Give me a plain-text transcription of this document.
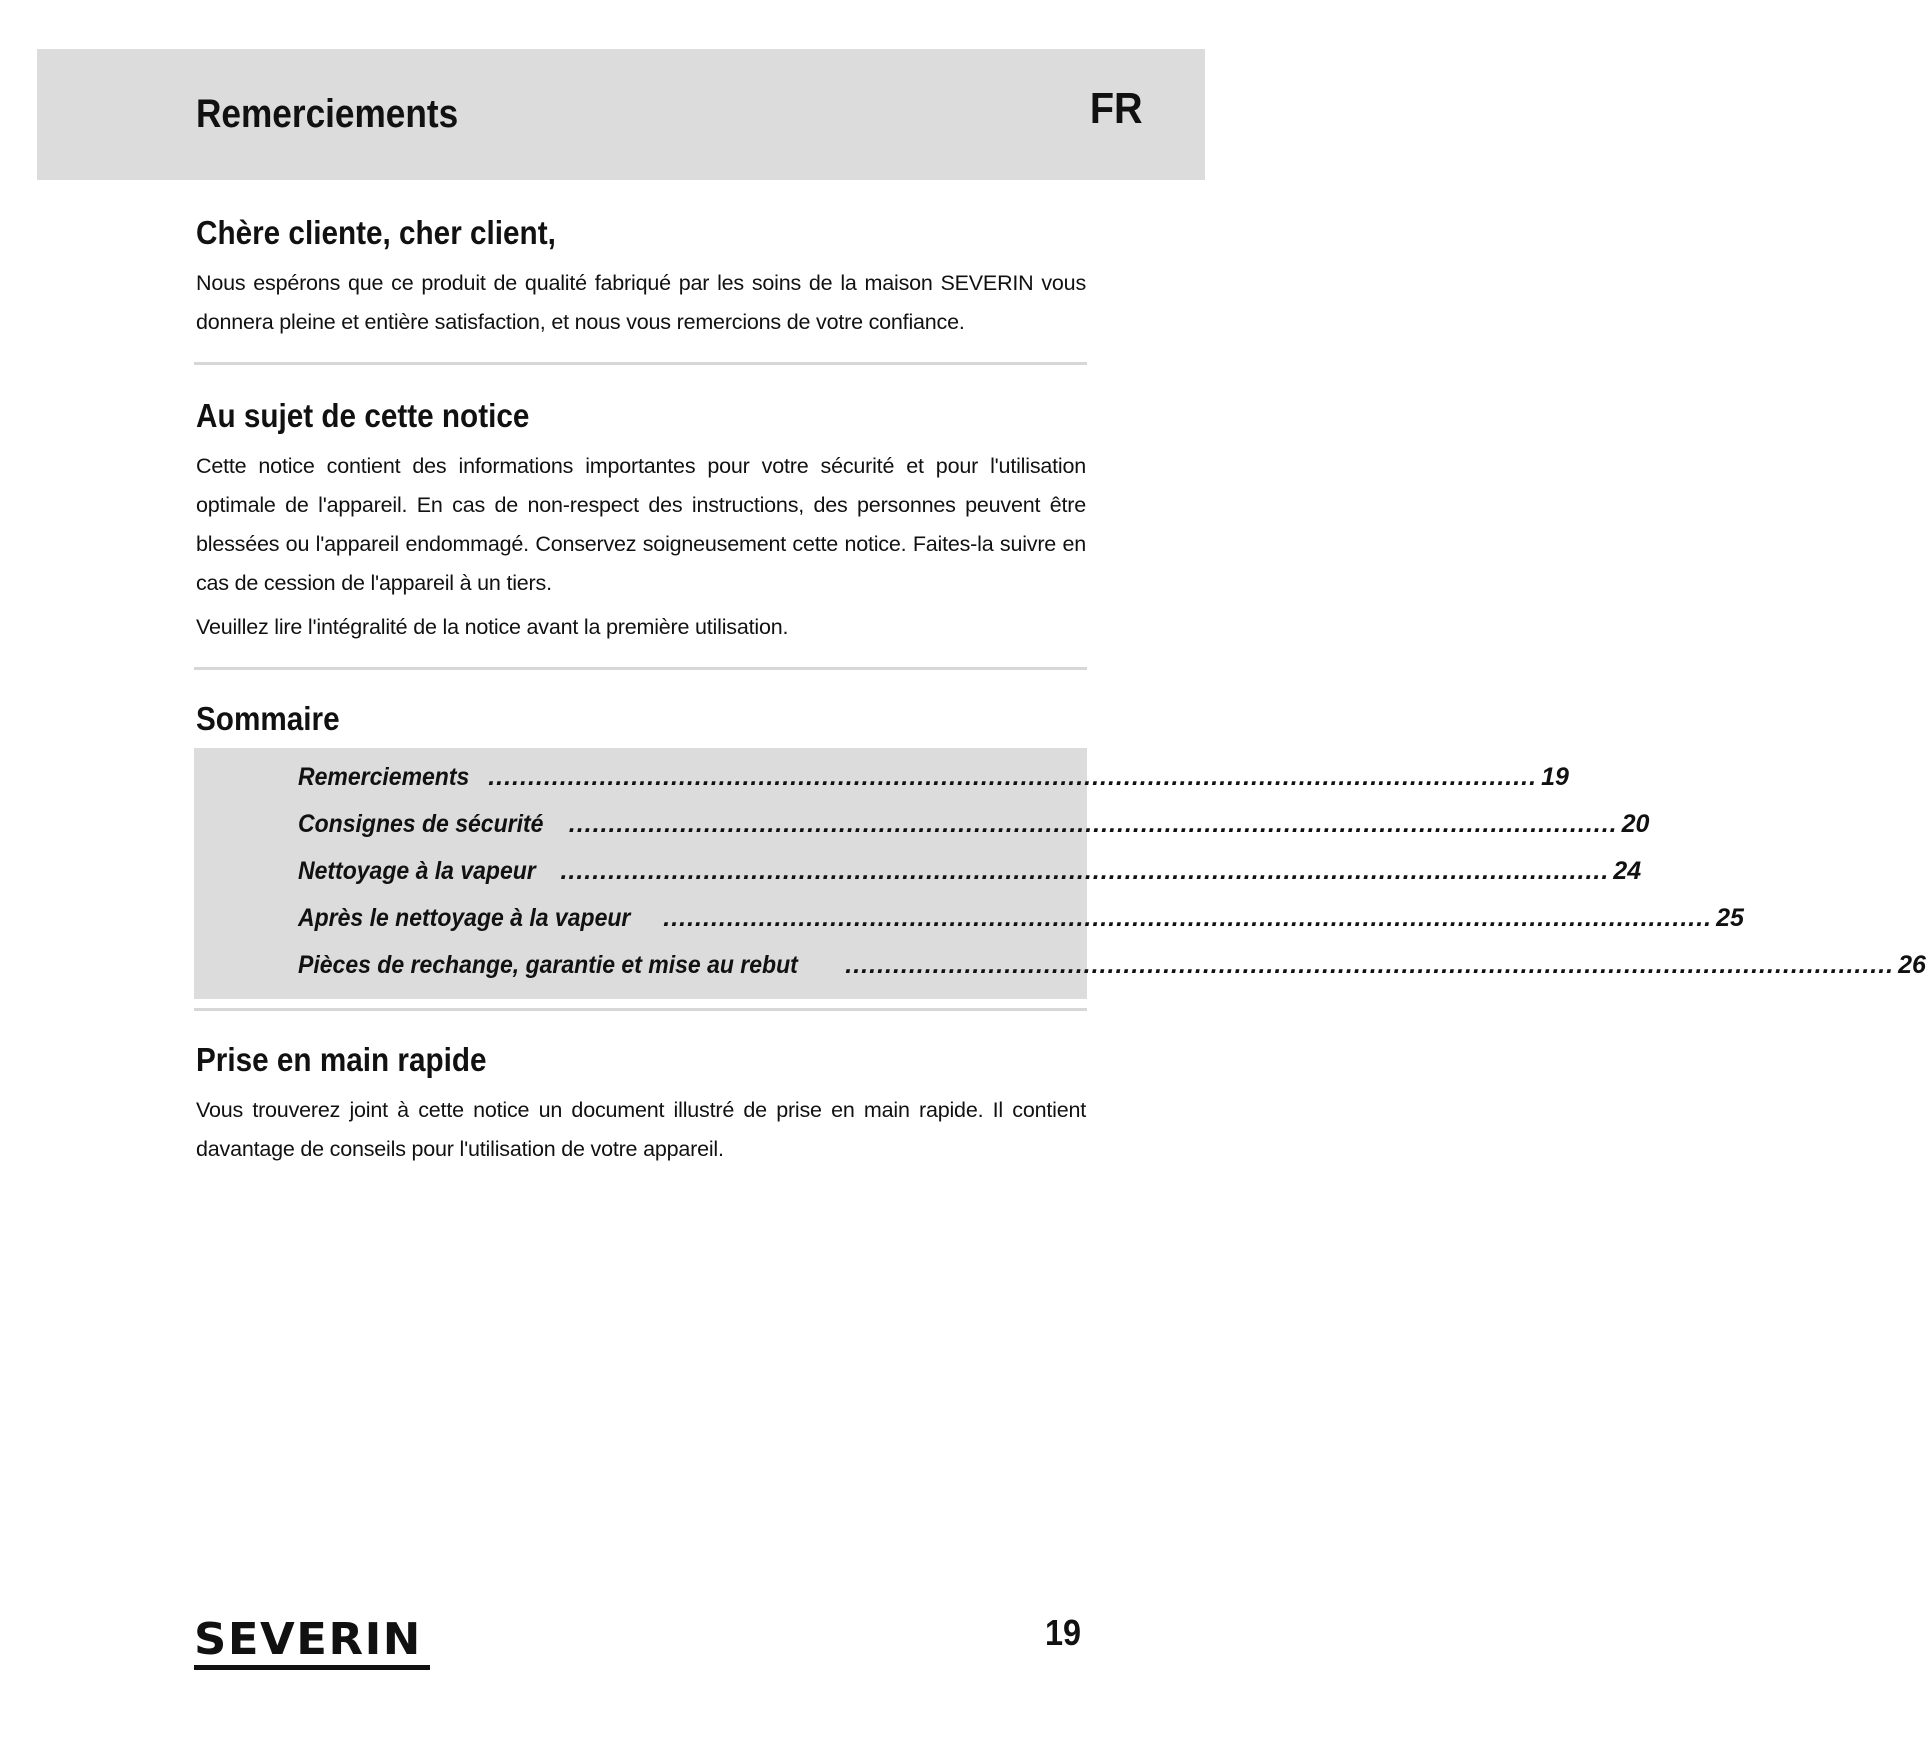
Remerciements	FR
Chère cliente, cher client,

Nous espérons que ce produit de qualité fabriqué par les soins de la maison SEVERIN vous donnera pleine et entière satisfaction, et nous vous remercions de votre confiance.

Au sujet de cette notice

Cette notice contient des informations importantes pour votre sécurité et pour l'utilisation optimale de l'appareil. En cas de non-respect des instructions, des personnes peuvent être blessées ou l'appareil endommagé. Conservez soigneusement cette notice. Faites-la suivre en cas de cession de l'appareil à un tiers.

Veuillez lire l'intégralité de la notice avant la première utilisation.

Sommaire
Remerciements .................................................................................................................................... 19
Consignes de sécurité .................................................................................................................................... 20
Nettoyage à la vapeur .................................................................................................................................... 24
Après le nettoyage à la vapeur .................................................................................................................................... 25
Pièces de rechange, garantie et mise au rebut .................................................................................................................................... 26
Prise en main rapide

Vous trouverez joint à cette notice un document illustré de prise en main rapide. Il contient davantage de conseils pour l'utilisation de votre appareil.

SEVERIN	19
